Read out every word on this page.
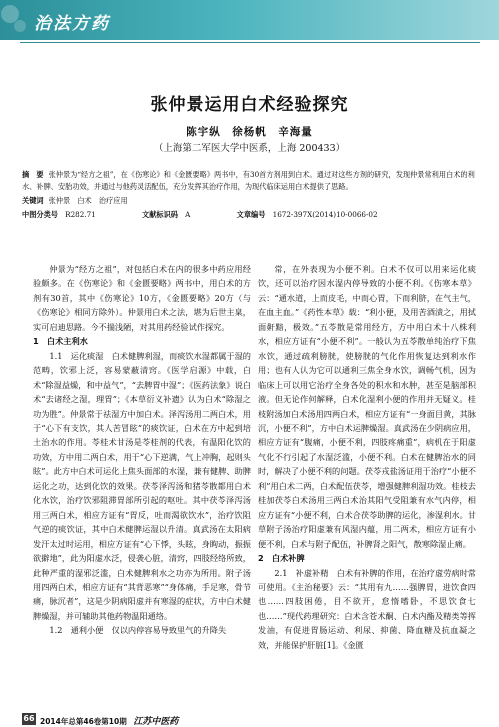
治法方药
张仲景运用白术经验探究
陈宇纵　徐杨帆　辛海量
（上海第二军医大学中医系，上海 200433）

摘　要 张仲景为“经方之祖”，在《伤寒论》和《金匮要略》两书中，有30首方剂用到白术。通过对这些方剂的研究，发现仲景常利用白术的利水、补脾、安胎功效，并通过与他药灵活配伍，充分发挥其治疗作用，为现代临床运用白术提供了思路。

关键词 张仲景　白术　治疗应用

中图分类号　 R282.71	文献标识码　 A	文章编号　 1672-397X(2014)10-0066-02

仲景为“经方之祖”，对包括白术在内的很多中药应用经验颇多。在《伤寒论》和《金匮要略》两书中，用白术的方剂有30首，其中《伤寒论》10方，《金匮要略》20方（与《伤寒论》相同方除外）。仲景用白术之法，堪为后世主臬，实可启迪思路。今不揣浅陋，对其用药经验试作探究。

1　白术主利水

1.1　运化痰湿　白术健脾利湿，而痰饮水湿都属于湿的范畴，饮邪上泛，容易蒙蔽清窍。《医学启源》中载，白术“除湿益燥，和中益气”，“去脾胃中湿”；《医药法象》说白术“去诸经之湿，理胃”；《本草衍义补遗》认为白术“除湿之功为胜”。仲景常于祛湿方中加白术。泽泻汤用二两白术，用于“心下有支饮，其人苦冒眩”的痰饮证，白术在方中起到培土治水的作用。苓桂术甘汤是苓桂剂的代表，有温阳化饮的功效，方中用二两白术，用于“心下逆满，气上冲胸，起则头眩”。此方中白术可运化上焦头面部的水湿，兼有健脾、助脾运化之功，达到化饮的效果。茯苓泽泻汤和猪苓散都用白术化水饮，治疗饮邪阻滞胃部所引起的呕吐。其中茯苓泽泻汤用三两白术，相应方证有“胃反，吐而渴欲饮水”，治疗饮阻气逆的痰饮证，其中白术健脾运湿以升清。真武汤在太阳病发汗太过时运用，相应方证有“心下悸，头眩，身眴动，振振欲擗地”，此为阳虚水泛，侵袭心脏，清窍，四肢经络所致，此种严重的湿邪泛滥，白术健脾利水之功亦为所用。附子汤用四两白术，相应方证有“其背恶寒”“身体痛，手足寒，骨节痛，脉沉者”，这是少阴病阳虚并有寒湿的症状，方中白术健脾燥湿，并可辅助其他药物温阳通络。

1.2　通利小便　仅以内停容易导致里气的升降失

常，在外表现为小便不利。白术不仅可以用来运化痰饮，还可以治疗因水湿内停导致的小便不利。《伤寒本草》云：“通水道，上而皮毛，中而心胃，下而利脐，在气主气，在血主血。”《药性本草》载：“利小便，及用苦酒渍之，用拭面鼾黯，极效。”五苓散是常用经方，方中用白术十八株利水，相应方证有“小便不利”。一般认为五苓散单纯治疗下焦水饮，通过疏利膀胱，使膀胱的气化作用恢复达到利水作用；也有人认为它可以通利三焦全身水饮，调畅气机，因为临床上可以用它治疗全身各处的积水和水肿，甚至是脑部积液。但无论作何解释，白术化湿利小便的作用并无疑义。桂枝附汤加白术汤用四两白术，相应方证有“一身面目黄，其脉沉，小便不利”，方中白术运脾燥湿。真武汤在少阴病应用，相应方证有“腹痛，小便不利，四肢疼痛重”，病机在于阳虚气化不行引起了水湿泛滥，小便不利。白术在健脾治水的同时，解决了小便不利的问题。茯苓戎盐汤证用于治疗“小便不利”用白术二两，白术配伍茯苓，增强健脾利湿功效。桂枝去桂加茯苓白术汤用三两白术治其阳气受阻兼有水气内停，相应方证有“小便不利，白术合茯苓助脾的运化，渗湿利水。甘草附子汤治疗阳虚兼有风湿内蕴，用二两术，相应方证有小便不利，白术与附子配伍，补脾肾之阳气，散寒除湿止痛。

2　白术补脾

2.1　补虚补精　白术有补脾的作用，在治疗虚劳病时常可使用。《主治秘要》云：“其用有九……强脾胃，进饮食四也……四肢困倦，目不欲开，怠惰嗜卧，不思饮食七也……”现代药理研究：白术含苍术酮、白术内酯及精类等挥发油，有促进胃肠运动、利尿、抑菌、降血糖及抗血凝之效，并能保护肝脏[1]。《金匮

66 2014年总第46卷第10期 江苏中医药
